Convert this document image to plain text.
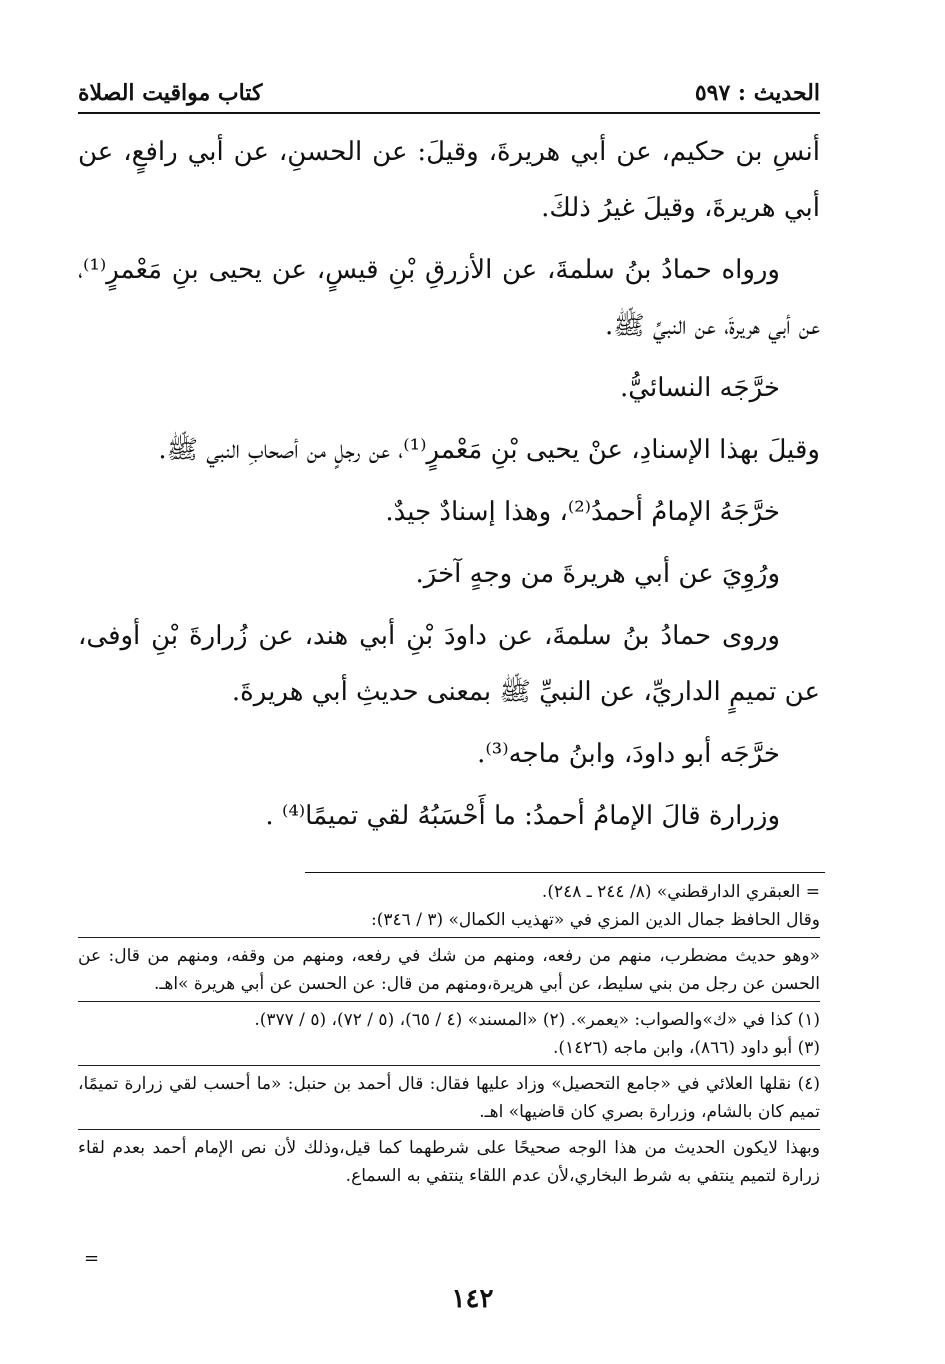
الحديث : ٥٩٧
كتاب مواقيت الصلاة

أنسِ بن حكيم، عن أبي هريرةَ، وقيلَ: عن الحسنِ، عن أبي رافعٍ، عن أبي هريرةَ، وقيلَ غيرُ ذلكَ.

ورواه حمادُ بنُ سلمةَ، عن الأزرقِ بْنِ قيسٍ، عن يحيى بنِ مَعْمرٍ⁽¹⁾، عن أبي هريرةَ، عن النبيِّ ﷺ.

خرَّجَه النسائيُّ.

وقيلَ بهذا الإسنادِ، عنْ يحيى بْنِ مَعْمرٍ⁽¹⁾، عن رجلٍ من أصحابِ النبي ﷺ.

خرَّجَهُ الإمامُ أحمدُ⁽²⁾، وهذا إسنادٌ جيدٌ.

ورُوِيَ عن أبي هريرةَ من وجهٍ آخرَ.

وروى حمادُ بنُ سلمةَ، عن داودَ بْنِ أبي هند، عن زُرارةَ بْنِ أوفى، عن تميمٍ الداريِّ، عن النبيِّ ﷺ بمعنى حديثِ أبي هريرةَ.

خرَّجَه أبو داودَ، وابنُ ماجه⁽³⁾.

وزرارة قالَ الإمامُ أحمدُ: ما أَحْسَبُهُ لقي تميمًا⁽⁴⁾ .

= العبقري الدارقطني» (٨/ ٢٤٤ ـ ٢٤٨).

وقال الحافظ جمال الدين المزي في «تهذيب الكمال» (٣ / ٣٤٦):

«وهو حديث مضطرب، منهم من رفعه، ومنهم من شك في رفعه، ومنهم من وقفه، ومنهم من قال: عن الحسن عن رجل من بني سليط، عن أبي هريرة،ومنهم من قال: عن الحسن عن أبي هريرة »اهـ.

(١) كذا في «ك»والصواب: «يعمر». (٢) «المسند» (٤ / ٦٥)، (٥ / ٧٢)، (٥ / ٣٧٧).

(٣) أبو داود (٨٦٦)، وابن ماجه (١٤٢٦).

(٤) نقلها العلائي في «جامع التحصيل» وزاد عليها فقال: قال أحمد بن حنبل: «ما أحسب لقي زرارة تميمًا، تميم كان بالشام، وزرارة بصري كان قاضيها» اهـ.

وبهذا لايكون الحديث من هذا الوجه صحيحًا على شرطهما كما قيل،وذلك لأن نص الإمام أحمد بعدم لقاء زرارة لتميم ينتفي به شرط البخاري،لأن عدم اللقاء ينتفي به السماع.

=
١٤٢
